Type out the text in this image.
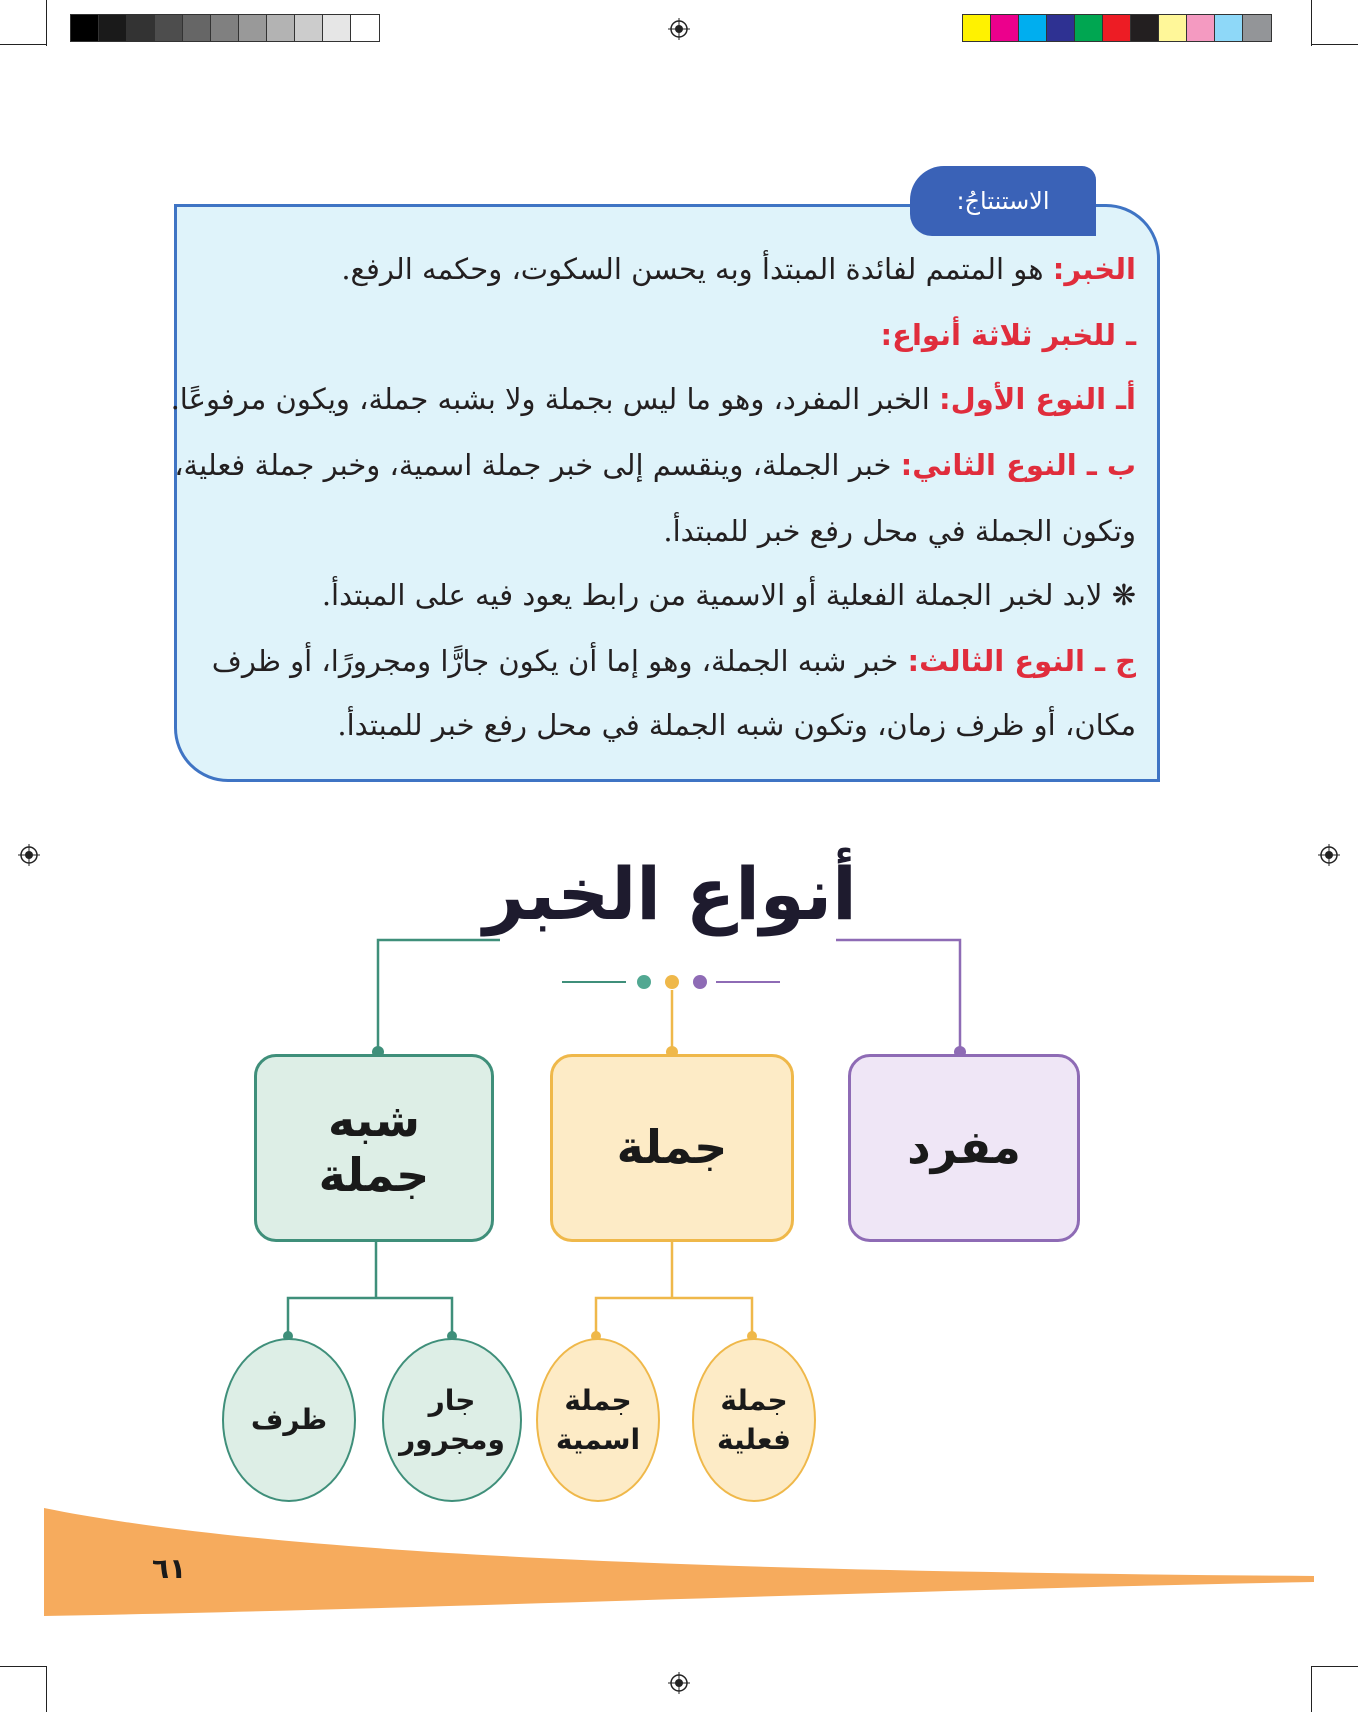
الاستنتاجُ:
الخبر: هو المتمم لفائدة المبتدأ وبه يحسن السكوت، وحكمه الرفع.
ـ للخبر ثلاثة أنواع:
أـ النوع الأول: الخبر المفرد، وهو ما ليس بجملة ولا بشبه جملة، ويكون مرفوعًا.
ب ـ النوع الثاني: خبر الجملة، وينقسم إلى خبر جملة اسمية، وخبر جملة فعلية،
وتكون الجملة في محل رفع خبر للمبتدأ.
❋ لابد لخبر الجملة الفعلية أو الاسمية من رابط يعود فيه على المبتدأ.
ج ـ النوع الثالث: خبر شبه الجملة، وهو إما أن يكون جارًّا ومجرورًا، أو ظرف
مكان، أو ظرف زمان، وتكون شبه الجملة في محل رفع خبر للمبتدأ.
أنواع الخبر
مفرد
جملة
شبه
جملة
جملة
فعلية
جملة
اسمية
جار
ومجرور
ظرف
٦١
